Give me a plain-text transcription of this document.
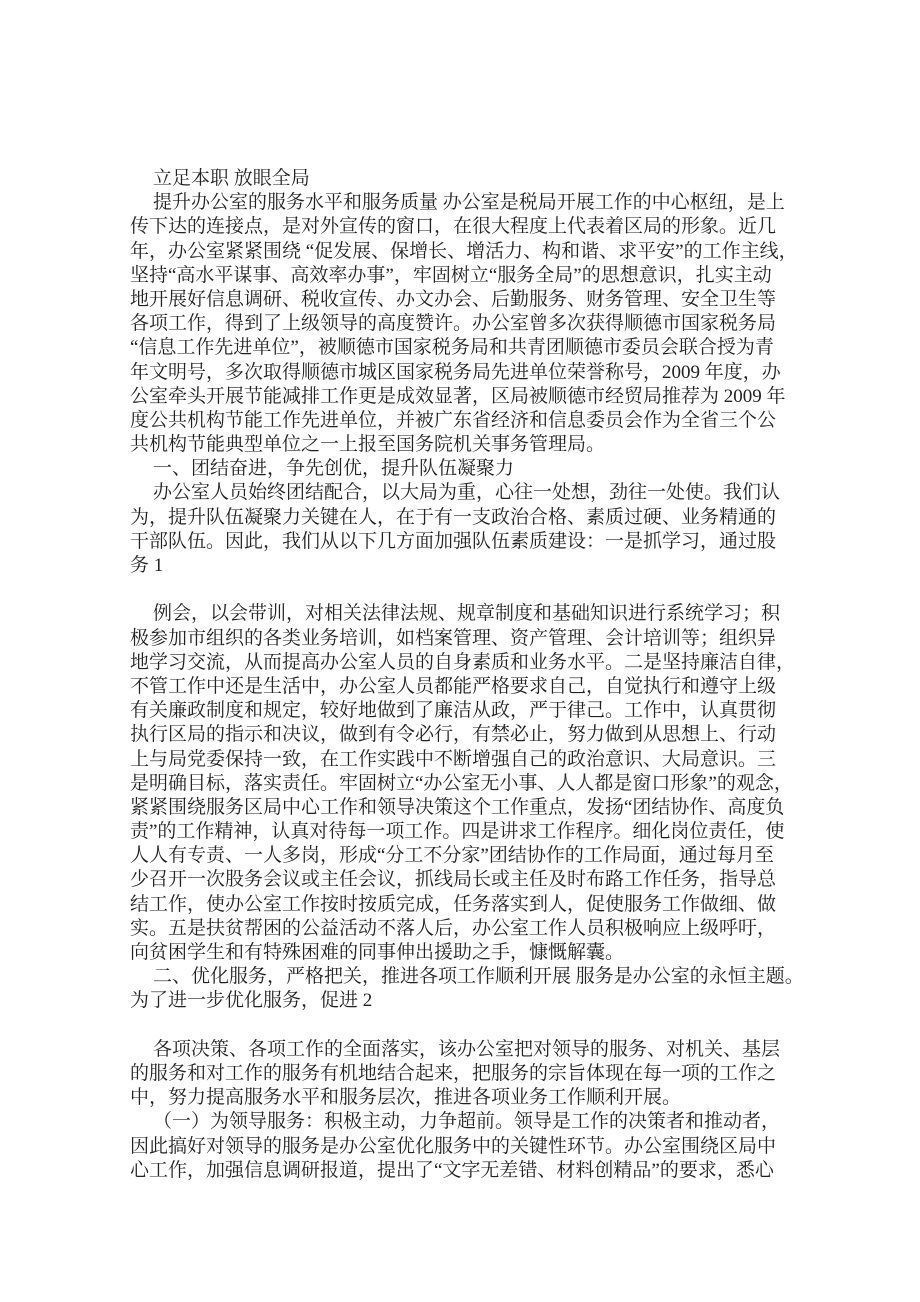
立足本职 放眼全局
提升办公室的服务水平和服务质量 办公室是税局开展工作的中心枢纽，是上
传下达的连接点，是对外宣传的窗口，在很大程度上代表着区局的形象。近几
年，办公室紧紧围绕 “促发展、保增长、增活力、构和谐、求平安”的工作主线，
坚持“高水平谋事、高效率办事”，牢固树立“服务全局”的思想意识，扎实主动
地开展好信息调研、税收宣传、办文办会、后勤服务、财务管理、安全卫生等
各项工作，得到了上级领导的高度赞许。办公室曾多次获得顺德市国家税务局
“信息工作先进单位”，被顺德市国家税务局和共青团顺德市委员会联合授为青
年文明号，多次取得顺德市城区国家税务局先进单位荣誉称号，2009 年度，办
公室牵头开展节能减排工作更是成效显著，区局被顺德市经贸局推荐为 2009 年
度公共机构节能工作先进单位，并被广东省经济和信息委员会作为全省三个公
共机构节能典型单位之一上报至国务院机关事务管理局。
一、团结奋进，争先创优，提升队伍凝聚力
办公室人员始终团结配合，以大局为重，心往一处想，劲往一处使。我们认
为，提升队伍凝聚力关键在人，在于有一支政治合格、素质过硬、业务精通的
干部队伍。因此，我们从以下几方面加强队伍素质建设：一是抓学习，通过股
务 1
例会，以会带训，对相关法律法规、规章制度和基础知识进行系统学习；积
极参加市组织的各类业务培训，如档案管理、资产管理、会计培训等；组织异
地学习交流，从而提高办公室人员的自身素质和业务水平。二是坚持廉洁自律，
不管工作中还是生活中，办公室人员都能严格要求自己，自觉执行和遵守上级
有关廉政制度和规定，较好地做到了廉洁从政，严于律己。工作中，认真贯彻
执行区局的指示和决议，做到有令必行，有禁必止，努力做到从思想上、行动
上与局党委保持一致，在工作实践中不断增强自己的政治意识、大局意识。三
是明确目标，落实责任。牢固树立“办公室无小事、人人都是窗口形象”的观念，
紧紧围绕服务区局中心工作和领导决策这个工作重点，发扬“团结协作、高度负
责”的工作精神，认真对待每一项工作。四是讲求工作程序。细化岗位责任，使
人人有专责、一人多岗，形成“分工不分家”团结协作的工作局面，通过每月至
少召开一次股务会议或主任会议，抓线局长或主任及时布路工作任务，指导总
结工作，使办公室工作按时按质完成，任务落实到人，促使服务工作做细、做
实。五是扶贫帮困的公益活动不落人后，办公室工作人员积极响应上级呼吁，
向贫困学生和有特殊困难的同事伸出援助之手，慷慨解囊。
二、优化服务，严格把关，推进各项工作顺利开展 服务是办公室的永恒主题。
为了进一步优化服务，促进 2
各项决策、各项工作的全面落实，该办公室把对领导的服务、对机关、基层
的服务和对工作的服务有机地结合起来，把服务的宗旨体现在每一项的工作之
中，努力提高服务水平和服务层次，推进各项业务工作顺利开展。
（一）为领导服务：积极主动，力争超前。领导是工作的决策者和推动者，
因此搞好对领导的服务是办公室优化服务中的关键性环节。办公室围绕区局中
心工作，加强信息调研报道，提出了“文字无差错、材料创精品”的要求，悉心
